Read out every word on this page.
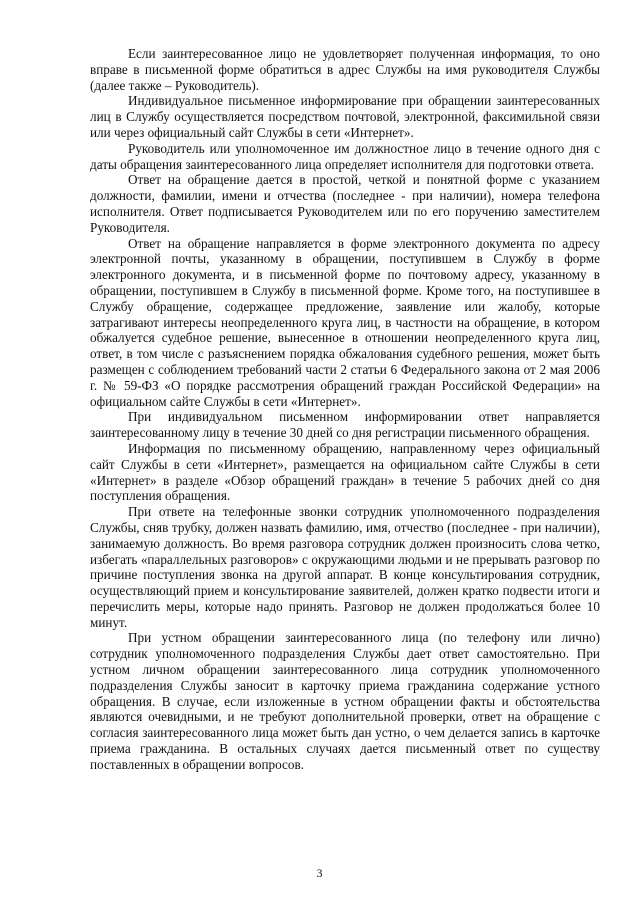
Если заинтересованное лицо не удовлетворяет полученная информация, то оно вправе в письменной форме обратиться в адрес Службы на имя руководителя Службы (далее также – Руководитель).

Индивидуальное письменное информирование при обращении заинтересованных лиц в Службу осуществляется посредством почтовой, электронной, факсимильной связи или через официальный сайт Службы в сети «Интернет».

Руководитель или уполномоченное им должностное лицо в течение одного дня с даты обращения заинтересованного лица определяет исполнителя для подготовки ответа.

Ответ на обращение дается в простой, четкой и понятной форме с указанием должности, фамилии, имени и отчества (последнее - при наличии), номера телефона исполнителя. Ответ подписывается Руководителем или по его поручению заместителем Руководителя.

Ответ на обращение направляется в форме электронного документа по адресу электронной почты, указанному в обращении, поступившем в Службу в форме электронного документа, и в письменной форме по почтовому адресу, указанному в обращении, поступившем в Службу в письменной форме. Кроме того, на поступившее в Службу обращение, содержащее предложение, заявление или жалобу, которые затрагивают интересы неопределенного круга лиц, в частности на обращение, в котором обжалуется судебное решение, вынесенное в отношении неопределенного круга лиц, ответ, в том числе с разъяснением порядка обжалования судебного решения, может быть размещен с соблюдением требований части 2 статьи 6 Федерального закона от 2 мая 2006 г. № 59-ФЗ «О порядке рассмотрения обращений граждан Российской Федерации» на официальном сайте Службы в сети «Интернет».

При индивидуальном письменном информировании ответ направляется заинтересованному лицу в течение 30 дней со дня регистрации письменного обращения.

Информация по письменному обращению, направленному через официальный сайт Службы в сети «Интернет», размещается на официальном сайте Службы в сети «Интернет» в разделе «Обзор обращений граждан» в течение 5 рабочих дней со дня поступления обращения.

При ответе на телефонные звонки сотрудник уполномоченного подразделения Службы, сняв трубку, должен назвать фамилию, имя, отчество (последнее - при наличии), занимаемую должность. Во время разговора сотрудник должен произносить слова четко, избегать «параллельных разговоров» с окружающими людьми и не прерывать разговор по причине поступления звонка на другой аппарат. В конце консультирования сотрудник, осуществляющий прием и консультирование заявителей, должен кратко подвести итоги и перечислить меры, которые надо принять. Разговор не должен продолжаться более 10 минут.

При устном обращении заинтересованного лица (по телефону или лично) сотрудник уполномоченного подразделения Службы дает ответ самостоятельно. При устном личном обращении заинтересованного лица сотрудник уполномоченного подразделения Службы заносит в карточку приема гражданина содержание устного обращения. В случае, если изложенные в устном обращении факты и обстоятельства являются очевидными, и не требуют дополнительной проверки, ответ на обращение с согласия заинтересованного лица может быть дан устно, о чем делается запись в карточке приема гражданина. В остальных случаях дается письменный ответ по существу поставленных в обращении вопросов.

3
